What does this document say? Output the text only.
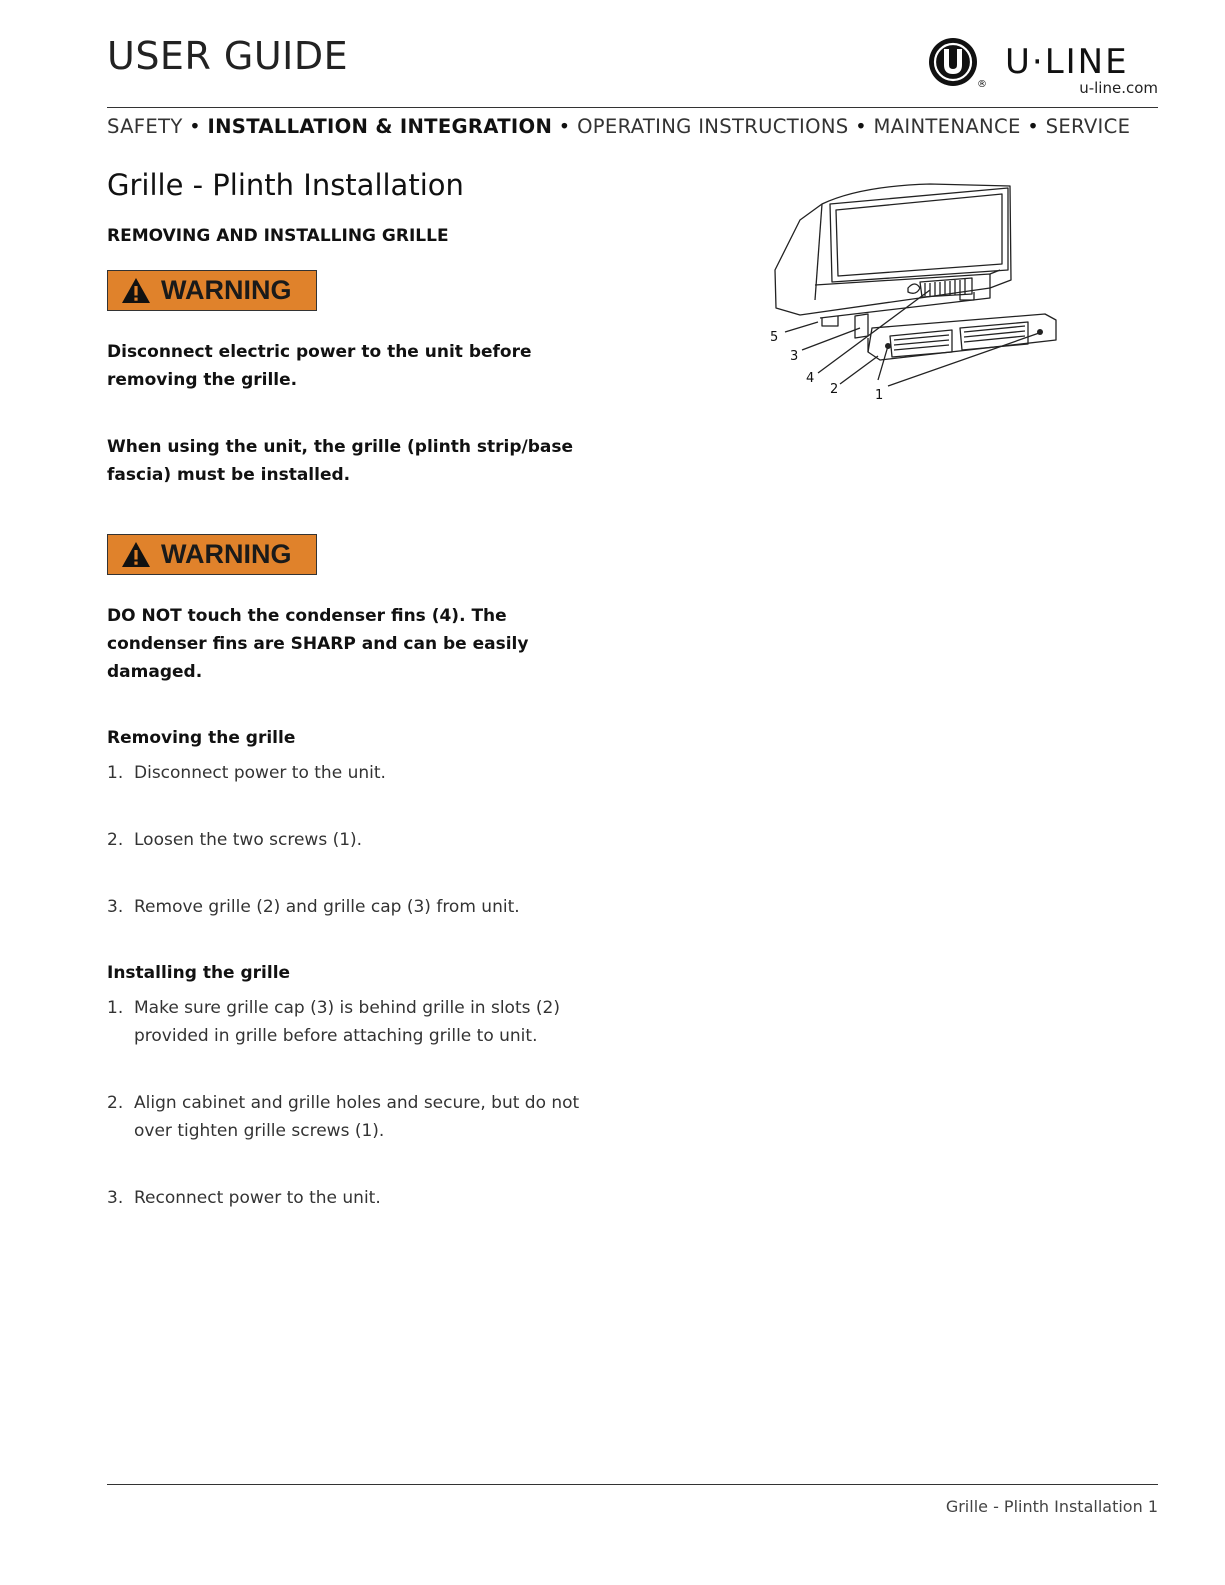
USER GUIDE
®
U·LINE
u-line.com
SAFETY • INSTALLATION & INTEGRATION • OPERATING INSTRUCTIONS • MAINTENANCE • SERVICE
Grille - Plinth Installation
REMOVING AND INSTALLING GRILLE
WARNING
Disconnect electric power to the unit before removing the grille.
When using the unit, the grille (plinth strip/base fascia) must be installed.
WARNING
DO NOT touch the condenser fins (4). The condenser fins are SHARP and can be easily damaged.
Removing the grille
1. Disconnect power to the unit.
2. Loosen the two screws (1).
3. Remove grille (2) and grille cap (3) from unit.
Installing the grille
1. Make sure grille cap (3) is behind grille in slots (2) provided in grille before attaching grille to unit.
2. Align cabinet and grille holes and secure, but do not over tighten grille screws (1).
3. Reconnect power to the unit.
5
3
4
2	1
Grille - Plinth Installation 1
